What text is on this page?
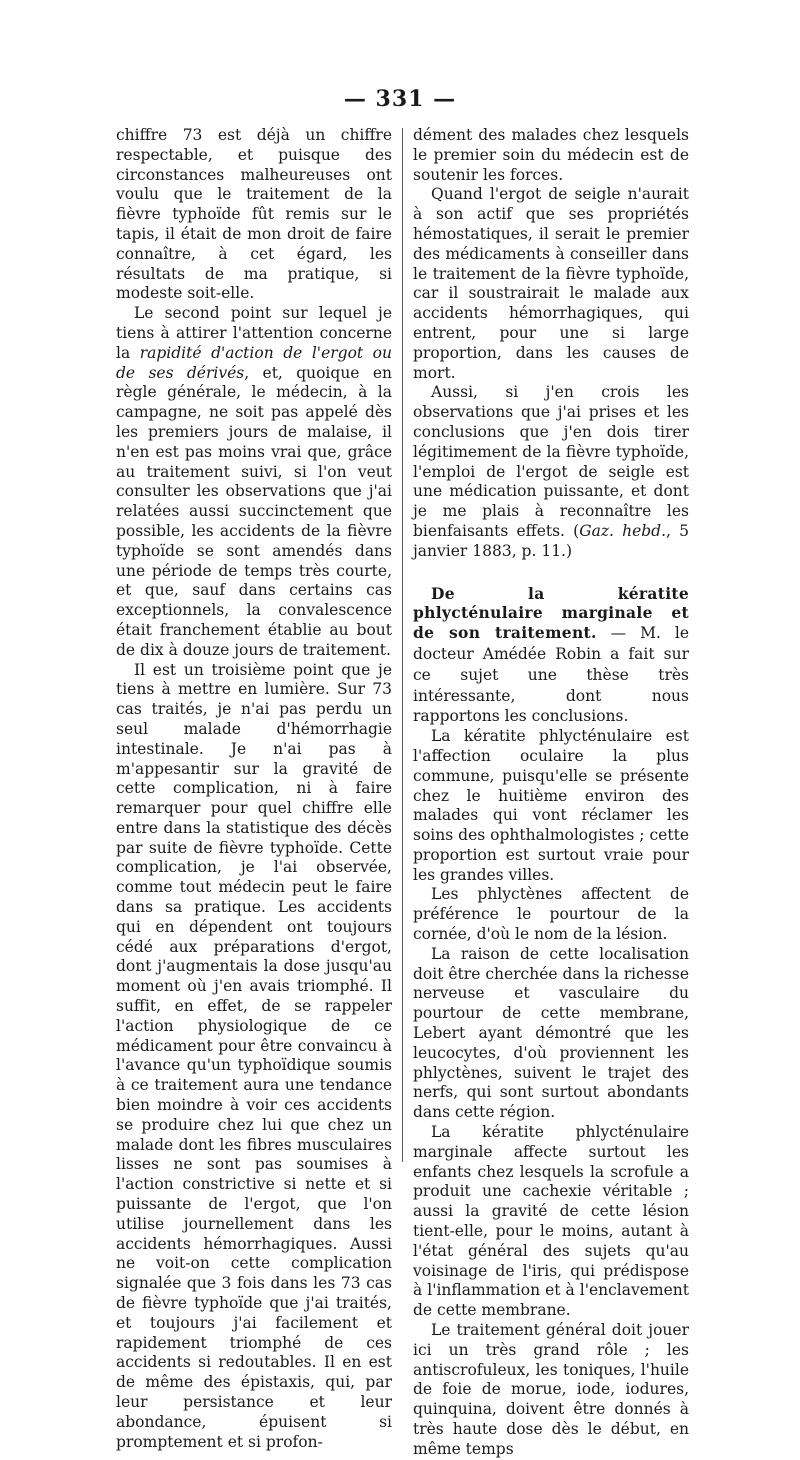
— 331 —

chiffre 73 est déjà un chiffre respectable, et puisque des circonstances malheureuses ont voulu que le traitement de la fièvre typhoïde fût remis sur le tapis, il était de mon droit de faire connaître, à cet égard, les résultats de ma pratique, si modeste soit-elle.

Le second point sur lequel je tiens à attirer l'attention concerne la rapidité d'action de l'ergot ou de ses dérivés, et, quoique en règle générale, le médecin, à la campagne, ne soit pas appelé dès les premiers jours de malaise, il n'en est pas moins vrai que, grâce au traitement suivi, si l'on veut consulter les observations que j'ai relatées aussi succinctement que possible, les accidents de la fièvre typhoïde se sont amendés dans une période de temps très courte, et que, sauf dans certains cas exceptionnels, la convalescence était franchement établie au bout de dix à douze jours de traitement.

Il est un troisième point que je tiens à mettre en lumière. Sur 73 cas traités, je n'ai pas perdu un seul malade d'hémorrhagie intestinale. Je n'ai pas à m'appesantir sur la gravité de cette complication, ni à faire remarquer pour quel chiffre elle entre dans la statistique des décès par suite de fièvre typhoïde. Cette complication, je l'ai observée, comme tout médecin peut le faire dans sa pratique. Les accidents qui en dépendent ont toujours cédé aux préparations d'ergot, dont j'augmentais la dose jusqu'au moment où j'en avais triomphé. Il suffit, en effet, de se rappeler l'action physiologique de ce médicament pour être convaincu à l'avance qu'un typhoïdique soumis à ce traitement aura une tendance bien moindre à voir ces accidents se produire chez lui que chez un malade dont les fibres musculaires lisses ne sont pas soumises à l'action constrictive si nette et si puissante de l'ergot, que l'on utilise journellement dans les accidents hémorrhagiques. Aussi ne voit-on cette complication signalée que 3 fois dans les 73 cas de fièvre typhoïde que j'ai traités, et toujours j'ai facilement et rapidement triomphé de ces accidents si redoutables. Il en est de même des épistaxis, qui, par leur persistance et leur abondance, épuisent si promptement et si profon-

dément des malades chez lesquels le premier soin du médecin est de soutenir les forces.

Quand l'ergot de seigle n'aurait à son actif que ses propriétés hémostatiques, il serait le premier des médicaments à conseiller dans le traitement de la fièvre typhoïde, car il soustrairait le malade aux accidents hémorrhagiques, qui entrent, pour une si large proportion, dans les causes de mort.

Aussi, si j'en crois les observations que j'ai prises et les conclusions que j'en dois tirer légitimement de la fièvre typhoïde, l'emploi de l'ergot de seigle est une médication puissante, et dont je me plais à reconnaître les bienfaisants effets. (Gaz. hebd., 5 janvier 1883, p. 11.)

De la kératite phlycténulaire marginale et de son traitement. — M. le docteur Amédée Robin a fait sur ce sujet une thèse très intéressante, dont nous rapportons les conclusions.

La kératite phlycténulaire est l'affection oculaire la plus commune, puisqu'elle se présente chez le huitième environ des malades qui vont réclamer les soins des ophthalmologistes ; cette proportion est surtout vraie pour les grandes villes.

Les phlyctènes affectent de préférence le pourtour de la cornée, d'où le nom de la lésion.

La raison de cette localisation doit être cherchée dans la richesse nerveuse et vasculaire du pourtour de cette membrane, Lebert ayant démontré que les leucocytes, d'où proviennent les phlyctènes, suivent le trajet des nerfs, qui sont surtout abondants dans cette région.

La kératite phlycténulaire marginale affecte surtout les enfants chez lesquels la scrofule a produit une cachexie véritable ; aussi la gravité de cette lésion tient-elle, pour le moins, autant à l'état général des sujets qu'au voisinage de l'iris, qui prédispose à l'inflammation et à l'enclavement de cette membrane.

Le traitement général doit jouer ici un très grand rôle ; les antiscrofuleux, les toniques, l'huile de foie de morue, iode, iodures, quinquina, doivent être donnés à très haute dose dès le début, en même temps
